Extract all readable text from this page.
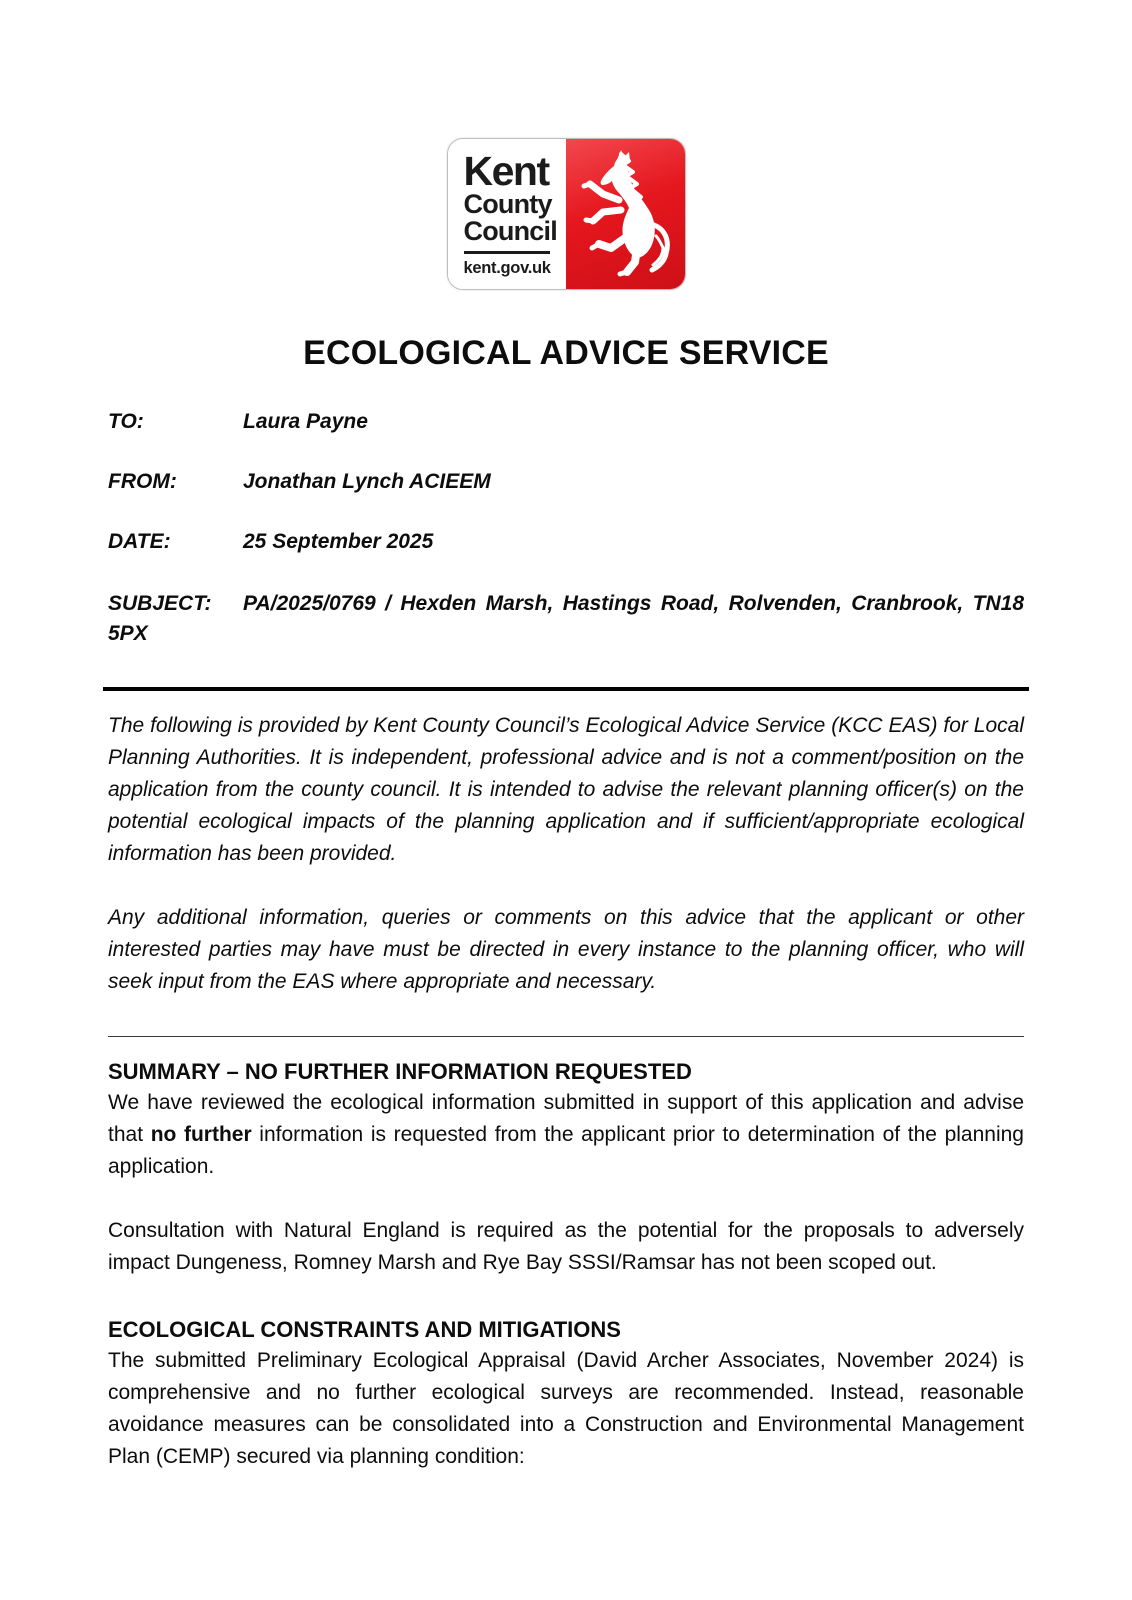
Kent
County
Council
kent.gov.uk
ECOLOGICAL ADVICE SERVICE
TO:	Laura Payne
FROM:	Jonathan Lynch ACIEEM
DATE:	25 September 2025
SUBJECT: PA/2025/0769 / Hexden Marsh, Hastings Road, Rolvenden, Cranbrook, TN18 5PX

The following is provided by Kent County Council’s Ecological Advice Service (KCC EAS) for Local Planning Authorities. It is independent, professional advice and is not a comment/position on the application from the county council. It is intended to advise the relevant planning officer(s) on the potential ecological impacts of the planning application and if sufficient/appropriate ecological information has been provided.

Any additional information, queries or comments on this advice that the applicant or other interested parties may have must be directed in every instance to the planning officer, who will seek input from the EAS where appropriate and necessary.

SUMMARY – NO FURTHER INFORMATION REQUESTED

We have reviewed the ecological information submitted in support of this application and advise that no further information is requested from the applicant prior to determination of the planning application.

Consultation with Natural England is required as the potential for the proposals to adversely impact Dungeness, Romney Marsh and Rye Bay SSSI/Ramsar has not been scoped out.

ECOLOGICAL CONSTRAINTS AND MITIGATIONS

The submitted Preliminary Ecological Appraisal (David Archer Associates, November 2024) is comprehensive and no further ecological surveys are recommended. Instead, reasonable avoidance measures can be consolidated into a Construction and Environmental Management Plan (CEMP) secured via planning condition:
